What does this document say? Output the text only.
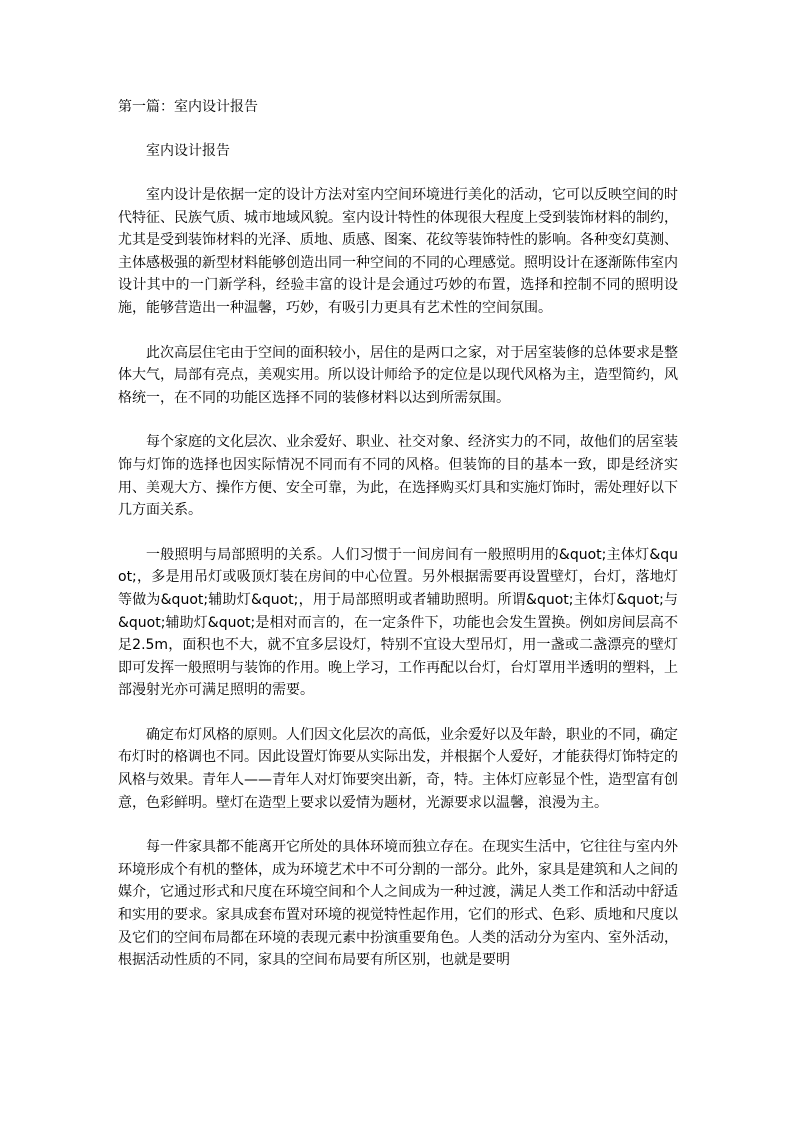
第一篇：室内设计报告
室内设计报告

室内设计是依据一定的设计方法对室内空间环境进行美化的活动，它可以反映空间的时代特征、民族气质、城市地域风貌。室内设计特性的体现很大程度上受到装饰材料的制约，尤其是受到装饰材料的光泽、质地、质感、图案、花纹等装饰特性的影响。各种变幻莫测、主体感极强的新型材料能够创造出同一种空间的不同的心理感觉。照明设计在逐渐陈伟室内设计其中的一门新学科，经验丰富的设计是会通过巧妙的布置，选择和控制不同的照明设施，能够营造出一种温馨，巧妙，有吸引力更具有艺术性的空间氛围。

此次高层住宅由于空间的面积较小，居住的是两口之家，对于居室装修的总体要求是整体大气，局部有亮点，美观实用。所以设计师给予的定位是以现代风格为主，造型简约，风格统一，在不同的功能区选择不同的装修材料以达到所需氛围。

每个家庭的文化层次、业余爱好、职业、社交对象、经济实力的不同，故他们的居室装饰与灯饰的选择也因实际情况不同而有不同的风格。但装饰的目的基本一致，即是经济实用、美观大方、操作方便、安全可靠，为此，在选择购买灯具和实施灯饰时，需处理好以下几方面关系。

一般照明与局部照明的关系。人们习惯于一间房间有一般照明用的&quot;主体灯&quot;，多是用吊灯或吸顶灯装在房间的中心位置。另外根据需要再设置壁灯，台灯，落地灯等做为&quot;辅助灯&quot;，用于局部照明或者辅助照明。所谓&quot;主体灯&quot;与&quot;辅助灯&quot;是相对而言的，在一定条件下，功能也会发生置换。例如房间层高不足2.5m，面积也不大，就不宜多层设灯，特别不宜设大型吊灯，用一盏或二盏漂亮的壁灯即可发挥一般照明与装饰的作用。晚上学习，工作再配以台灯，台灯罩用半透明的塑料，上部漫射光亦可满足照明的需要。

确定布灯风格的原则。人们因文化层次的高低，业余爱好以及年龄，职业的不同，确定布灯时的格调也不同。因此设置灯饰要从实际出发，并根据个人爱好，才能获得灯饰特定的风格与效果。青年人——青年人对灯饰要突出新，奇，特。主体灯应彰显个性，造型富有创意，色彩鲜明。壁灯在造型上要求以爱情为题材，光源要求以温馨，浪漫为主。

每一件家具都不能离开它所处的具体环境而独立存在。在现实生活中，它往往与室内外环境形成个有机的整体，成为环境艺术中不可分割的一部分。此外，家具是建筑和人之间的媒介，它通过形式和尺度在环境空间和个人之间成为一种过渡，满足人类工作和活动中舒适和实用的要求。家具成套布置对环境的视觉特性起作用，它们的形式、色彩、质地和尺度以及它们的空间布局都在环境的表现元素中扮演重要角色。人类的活动分为室内、室外活动，根据活动性质的不同，家具的空间布局要有所区别，也就是要明
